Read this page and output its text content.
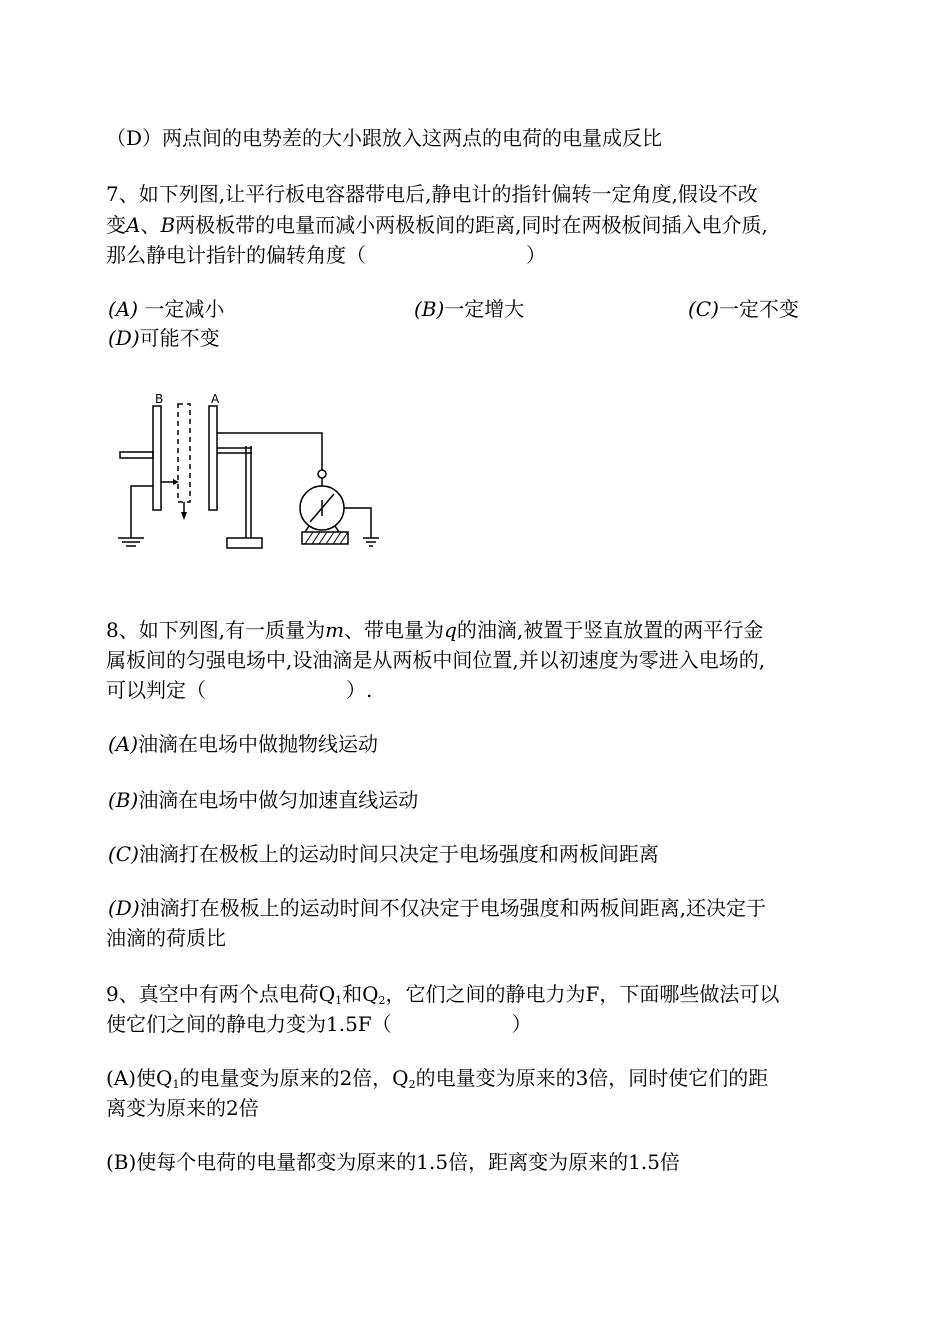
（D）两点间的电势差的大小跟放入这两点的电荷的电量成反比
7、如下列图,让平行板电容器带电后,静电计的指针偏转一定角度,假设不改
变A、B两极板带的电量而减小两极板间的距离,同时在两极板间插入电介质,
那么静电计指针的偏转角度（　　　　　　　　）
(A) 一定减小	(B)一定增大	(C)一定不变
(D)可能不变
B	A
8、如下列图,有一质量为m、带电量为q的油滴,被置于竖直放置的两平行金
属板间的匀强电场中,设油滴是从两板中间位置,并以初速度为零进入电场的,
可以判定（　　　　　　　）.
(A)油滴在电场中做抛物线运动
(B)油滴在电场中做匀加速直线运动
(C)油滴打在极板上的运动时间只决定于电场强度和两板间距离
(D)油滴打在极板上的运动时间不仅决定于电场强度和两板间距离,还决定于
油滴的荷质比
9、真空中有两个点电荷$Q_1$和$Q_2$，它们之间的静电力为F，下面哪些做法可以
使它们之间的静电力变为1.5F（　　　　　　）
(A)使$Q_1$的电量变为原来的2倍，$Q_2$的电量变为原来的3倍，同时使它们的距
离变为原来的2倍
(B)使每个电荷的电量都变为原来的1.5倍，距离变为原来的1.5倍
